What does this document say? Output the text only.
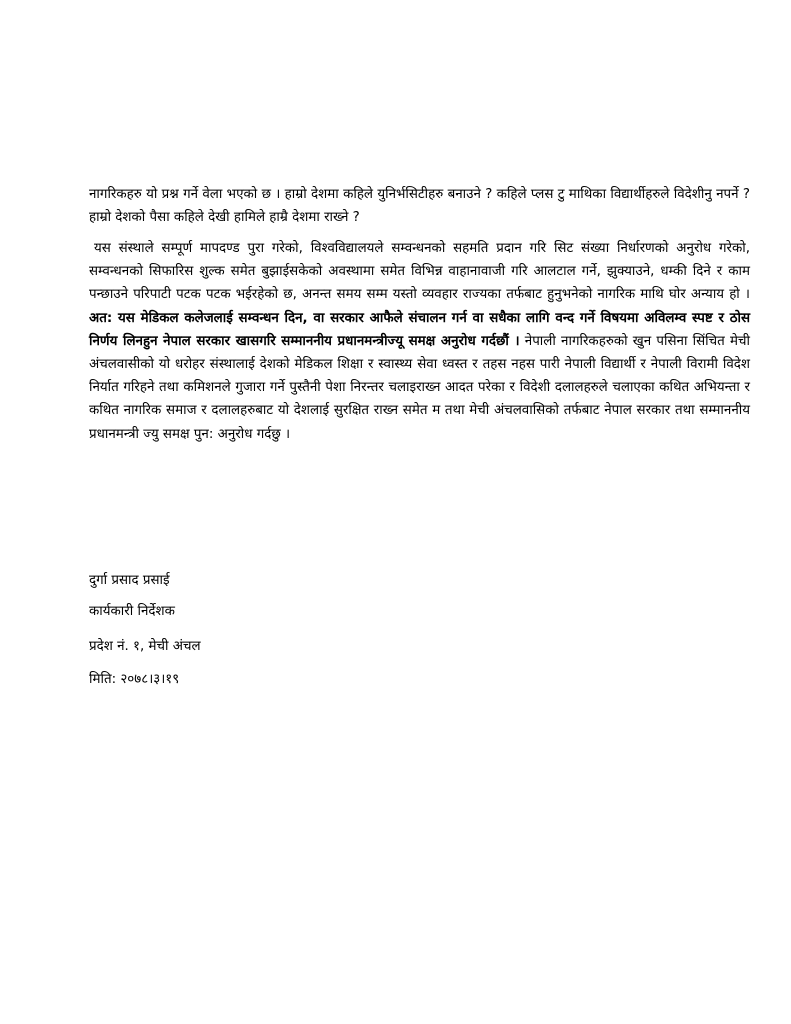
नागरिकहरु यो प्रश्न गर्ने वेला भएको छ । हाम्रो देशमा कहिले युनिर्भसिटीहरु बनाउने ? कहिले प्लस टु माथिका विद्यार्थीहरुले विदेशीनु नपर्ने ? हाम्रो देशको पैसा कहिले देखी हामिले हाम्रै देशमा राख्ने ?

यस संस्थाले सम्पूर्ण मापदण्ड पुरा गरेको, विश्वविद्यालयले सम्वन्धनको सहमति प्रदान गरि सिट संख्या निर्धारणको अनुरोध गरेको, सम्वन्धनको सिफारिस शुल्क समेत बुझाईसकेको अवस्थामा समेत विभिन्न वाहानावाजी गरि आलटाल गर्ने, झुक्याउने, धम्की दिने र काम पन्छाउने परिपाटी पटक पटक भईरहेको छ, अनन्त समय सम्म यस्तो व्यवहार राज्यका तर्फबाट हुनुभनेको नागरिक माथि घोर अन्याय हो । अत: यस मेडिकल कलेजलाई सम्वन्धन दिन, वा सरकार आफैले संचालन गर्न वा सधैका लागि वन्द गर्ने विषयमा अविलम्व स्पष्ट र ठोस निर्णय लिनहुन नेपाल सरकार खासगरि सम्माननीय प्रधानमन्त्रीज्यू समक्ष अनुरोध गर्दछौं । नेपाली नागरिकहरुको खुन पसिना सिंचित मेची अंचलवासीको यो धरोहर संस्थालाई देशको मेडिकल शिक्षा र स्वास्थ्य सेवा ध्वस्त र तहस नहस पारी नेपाली विद्यार्थी र नेपाली विरामी विदेश निर्यात गरिहने तथा कमिशनले गुजारा गर्ने पुस्तैनी पेशा निरन्तर चलाइराख्न आदत परेका र विदेशी दलालहरुले चलाएका कथित अभियन्ता र कथित नागरिक समाज र दलालहरुबाट यो देशलाई सुरक्षित राख्न समेत म तथा मेची अंचलवासिको तर्फबाट नेपाल सरकार तथा सम्माननीय प्रधानमन्त्री ज्यु समक्ष पुन: अनुरोध गर्दछु ।

दुर्गा प्रसाद प्रसाई

कार्यकारी निर्देशक

प्रदेश नं. १, मेची अंचल

मिति: २०७८।३।१९
